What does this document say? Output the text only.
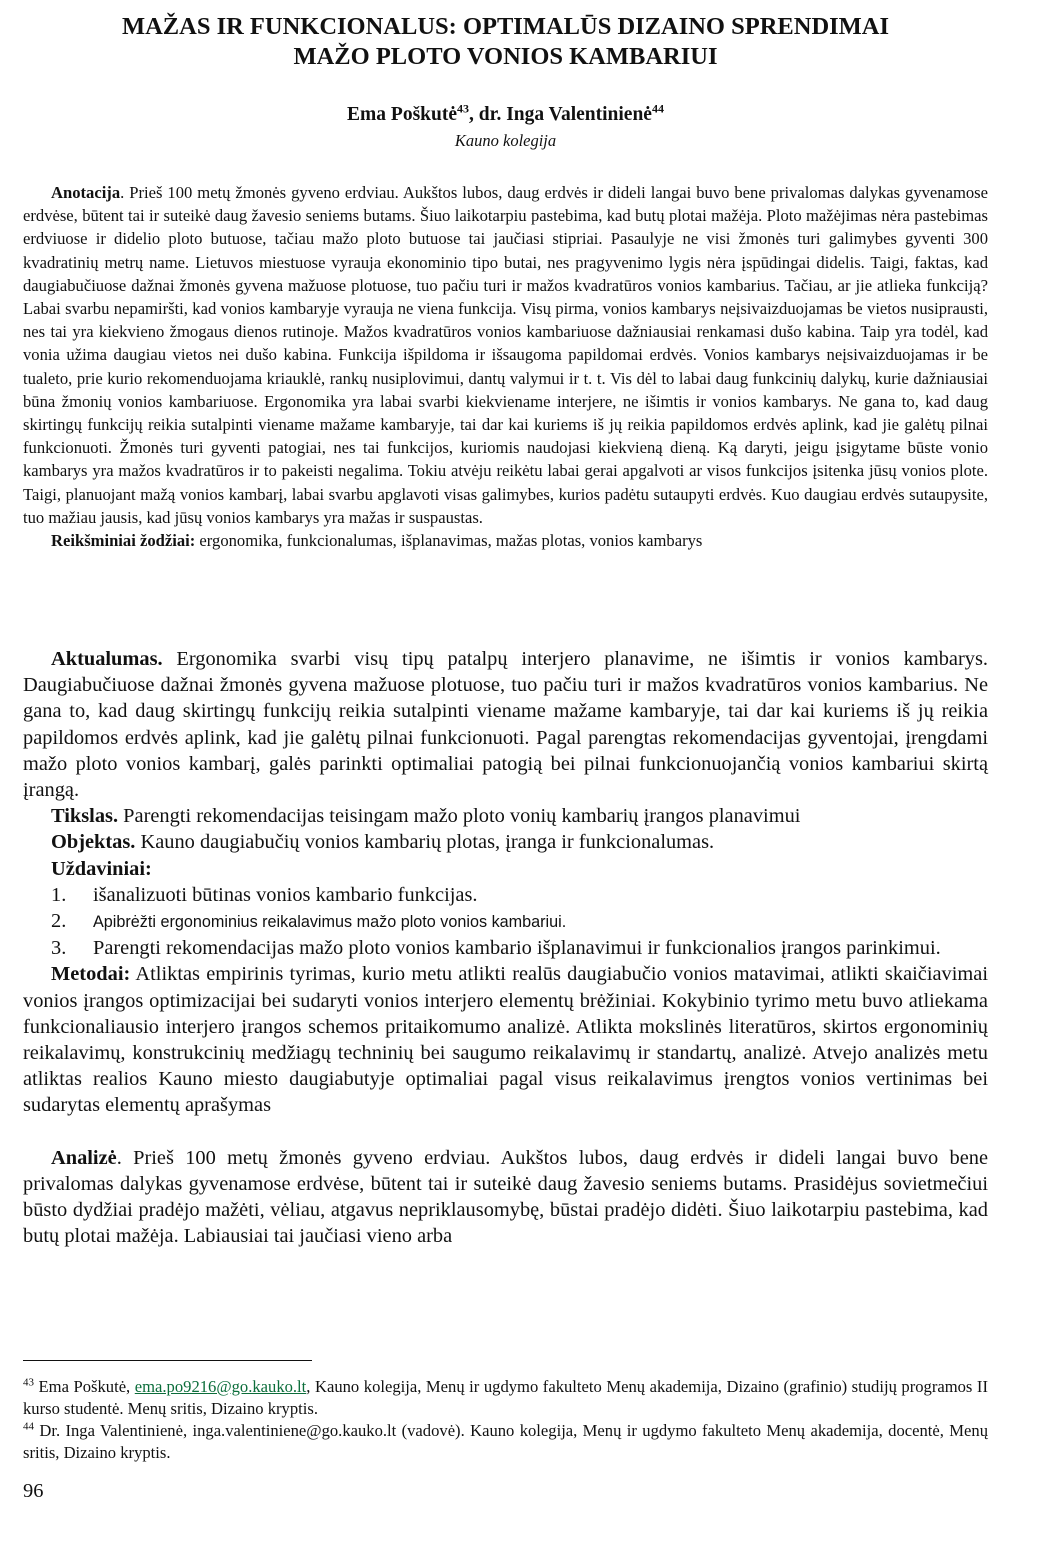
MAŽAS IR FUNKCIONALUS: OPTIMALŪS DIZAINO SPRENDIMAI
MAŽO PLOTO VONIOS KAMBARIUI
Ema Poškutė$^{43}$, dr. Inga Valentinienė$^{44}$
Kauno kolegija

Anotacija. Prieš 100 metų žmonės gyveno erdviau. Aukštos lubos, daug erdvės ir dideli langai buvo bene privalomas dalykas gyvenamose erdvėse, būtent tai ir suteikė daug žavesio seniems butams. Šiuo laikotarpiu pastebima, kad butų plotai mažėja. Ploto mažėjimas nėra pastebimas erdviuose ir didelio ploto butuose, tačiau mažo ploto butuose tai jaučiasi stipriai. Pasaulyje ne visi žmonės turi galimybes gyventi 300 kvadratinių metrų name. Lietuvos miestuose vyrauja ekonominio tipo butai, nes pragyvenimo lygis nėra įspūdingai didelis. Taigi, faktas, kad daugiabučiuose dažnai žmonės gyvena mažuose plotuose, tuo pačiu turi ir mažos kvadratūros vonios kambarius. Tačiau, ar jie atlieka funkciją? Labai svarbu nepamiršti, kad vonios kambaryje vyrauja ne viena funkcija. Visų pirma, vonios kambarys neįsivaizduojamas be vietos nusiprausti, nes tai yra kiekvieno žmogaus dienos rutinoje. Mažos kvadratūros vonios kambariuose dažniausiai renkamasi dušo kabina. Taip yra todėl, kad vonia užima daugiau vietos nei dušo kabina. Funkcija išpildoma ir išsaugoma papildomai erdvės. Vonios kambarys neįsivaizduojamas ir be tualeto, prie kurio rekomenduojama kriauklė, rankų nusiplovimui, dantų valymui ir t. t. Vis dėl to labai daug funkcinių dalykų, kurie dažniausiai būna žmonių vonios kambariuose. Ergonomika yra labai svarbi kiekviename interjere, ne išimtis ir vonios kambarys. Ne gana to, kad daug skirtingų funkcijų reikia sutalpinti viename mažame kambaryje, tai dar kai kuriems iš jų reikia papildomos erdvės aplink, kad jie galėtų pilnai funkcionuoti. Žmonės turi gyventi patogiai, nes tai funkcijos, kuriomis naudojasi kiekvieną dieną. Ką daryti, jeigu įsigytame būste vonio kambarys yra mažos kvadratūros ir to pakeisti negalima. Tokiu atvėju reikėtu labai gerai apgalvoti ar visos funkcijos įsitenka jūsų vonios plote. Taigi, planuojant mažą vonios kambarį, labai svarbu apglavoti visas galimybes, kurios padėtu sutaupyti erdvės. Kuo daugiau erdvės sutaupysite, tuo mažiau jausis, kad jūsų vonios kambarys yra mažas ir suspaustas.

Reikšminiai žodžiai: ergonomika, funkcionalumas, išplanavimas, mažas plotas, vonios kambarys

Aktualumas. Ergonomika svarbi visų tipų patalpų interjero planavime, ne išimtis ir vonios kambarys. Daugiabučiuose dažnai žmonės gyvena mažuose plotuose, tuo pačiu turi ir mažos kvadratūros vonios kambarius. Ne gana to, kad daug skirtingų funkcijų reikia sutalpinti viename mažame kambaryje, tai dar kai kuriems iš jų reikia papildomos erdvės aplink, kad jie galėtų pilnai funkcionuoti. Pagal parengtas rekomendacijas gyventojai, įrengdami mažo ploto vonios kambarį, galės parinkti optimaliai patogią bei pilnai funkcionuojančią vonios kambariui skirtą įrangą.

Tikslas. Parengti rekomendacijas teisingam mažo ploto vonių kambarių įrangos planavimui

Objektas. Kauno daugiabučių vonios kambarių plotas, įranga ir funkcionalumas.

Uždaviniai:

1. išanalizuoti būtinas vonios kambario funkcijas.
2. Apibrėžti ergonominius reikalavimus mažo ploto vonios kambariui.
3. Parengti rekomendacijas mažo ploto vonios kambario išplanavimui ir funkcionalios įrangos parinkimui.

Metodai: Atliktas empirinis tyrimas, kurio metu atlikti realūs daugiabučio vonios matavimai, atlikti skaičiavimai vonios įrangos optimizacijai bei sudaryti vonios interjero elementų brėžiniai. Kokybinio tyrimo metu buvo atliekama funkcionaliausio interjero įrangos schemos pritaikomumo analizė. Atlikta mokslinės literatūros, skirtos ergonominių reikalavimų, konstrukcinių medžiagų techninių bei saugumo reikalavimų ir standartų, analizė. Atvejo analizės metu atliktas realios Kauno miesto daugiabutyje optimaliai pagal visus reikalavimus įrengtos vonios vertinimas bei sudarytas elementų aprašymas

Analizė. Prieš 100 metų žmonės gyveno erdviau. Aukštos lubos, daug erdvės ir dideli langai buvo bene privalomas dalykas gyvenamose erdvėse, būtent tai ir suteikė daug žavesio seniems butams. Prasidėjus sovietmečiui būsto dydžiai pradėjo mažėti, vėliau, atgavus nepriklausomybę, būstai pradėjo didėti. Šiuo laikotarpiu pastebima, kad butų plotai mažėja. Labiausiai tai jaučiasi vieno arba

$^{43}$ Ema Poškutė, ema.po9216@go.kauko.lt, Kauno kolegija, Menų ir ugdymo fakulteto Menų akademija, Dizaino (grafinio) studijų programos II kurso studentė. Menų sritis, Dizaino kryptis.

$^{44}$ Dr. Inga Valentinienė, inga.valentiniene@go.kauko.lt (vadovė). Kauno kolegija, Menų ir ugdymo fakulteto Menų akademija, docentė, Menų sritis, Dizaino kryptis.

96
